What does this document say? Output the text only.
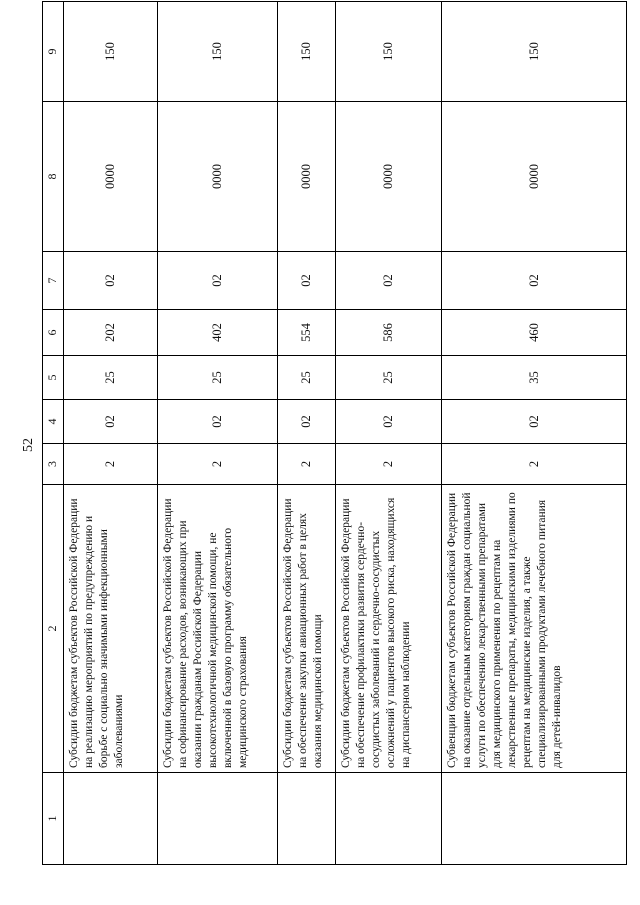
52
1	2	3	4	5	6	7	8	9
	Субсидии бюджетам субъектов Российской Федерации на реализацию мероприятий по предупреждению и борьбе с социально значимыми инфекционными заболеваниями	2	02	25	202	02	0000	150
	Субсидии бюджетам субъектов Российской Федерации на софинансирование расходов, возникающих при оказании гражданам Российской Федерации высокотехнологичной медицинской помощи, не включенной в базовую программу обязательного медицинского страхования	2	02	25	402	02	0000	150
	Субсидии бюджетам субъектов Российской Федерации на обеспечение закупки авиационных работ в целях оказания медицинской помощи	2	02	25	554	02	0000	150
	Субсидии бюджетам субъектов Российской Федерации на обеспечение профилактики развития сердечно-сосудистых заболеваний и сердечно-сосудистых осложнений у пациентов высокого риска, находящихся на диспансерном наблюдении	2	02	25	586	02	0000	150
	Субвенции бюджетам субъектов Российской Федерации на оказание отдельным категориям граждан социальной услуги по обеспечению лекарственными препаратами для медицинского применения по рецептам на лекарственные препараты, медицинскими изделиями по рецептам на медицинские изделия, а также специализированными продуктами лечебного питания для детей-инвалидов	2	02	35	460	02	0000	150
